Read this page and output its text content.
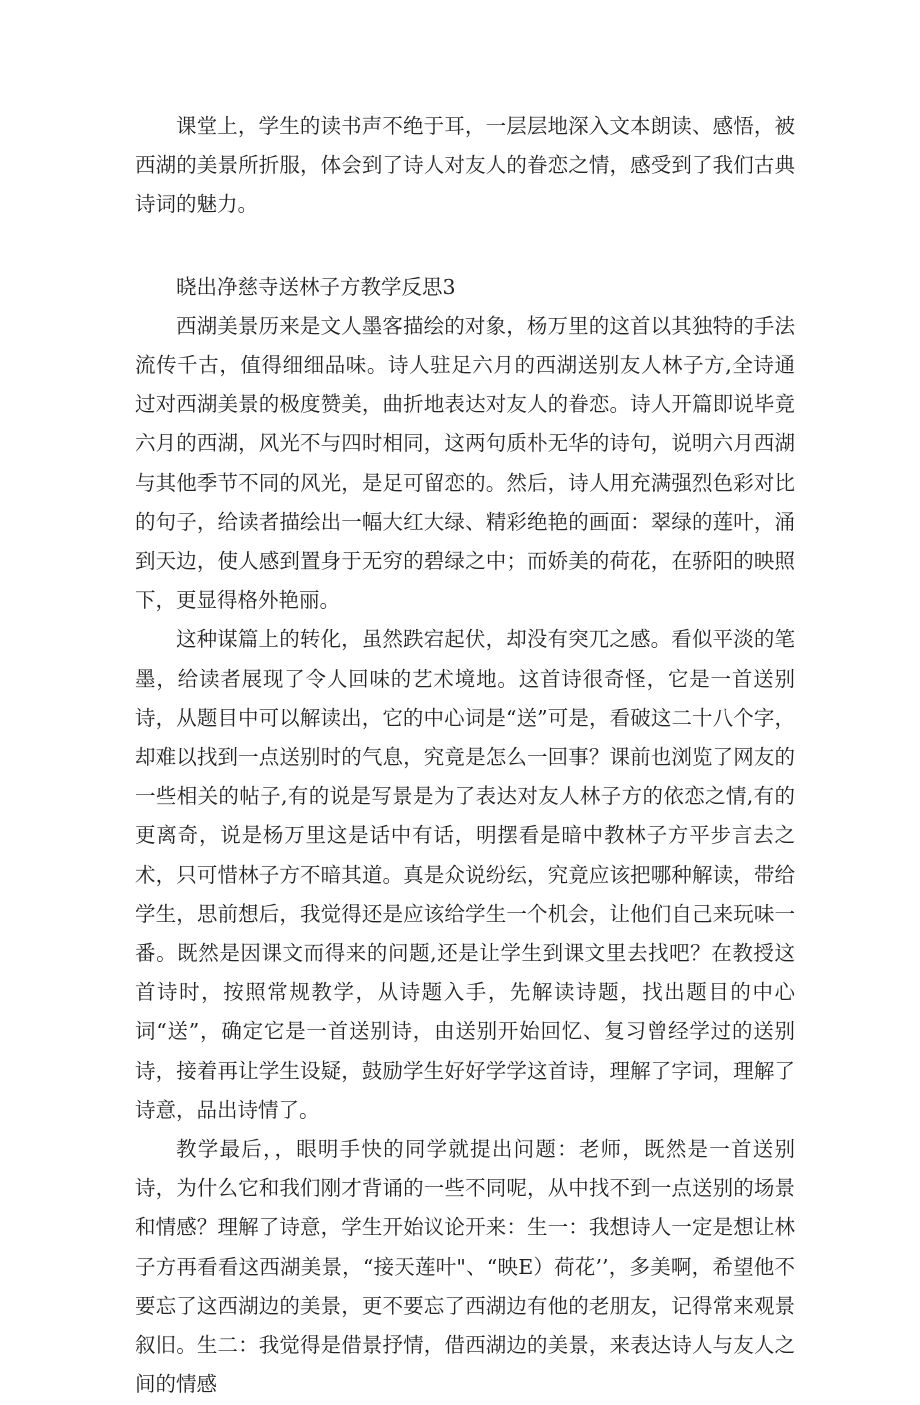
课堂上，学生的读书声不绝于耳，一层层地深入文本朗读、感悟，被西湖的美景所折服，体会到了诗人对友人的眷恋之情，感受到了我们古典诗词的魅力。

晓出净慈寺送林子方教学反思3

西湖美景历来是文人墨客描绘的对象，杨万里的这首以其独特的手法流传千古，值得细细品味。诗人驻足六月的西湖送别友人林子方,全诗通过对西湖美景的极度赞美，曲折地表达对友人的眷恋。诗人开篇即说毕竟六月的西湖，风光不与四时相同，这两句质朴无华的诗句，说明六月西湖与其他季节不同的风光，是足可留恋的。然后，诗人用充满强烈色彩对比的句子，给读者描绘出一幅大红大绿、精彩绝艳的画面：翠绿的莲叶，涌到天边，使人感到置身于无穷的碧绿之中；而娇美的荷花，在骄阳的映照下，更显得格外艳丽。

这种谋篇上的转化，虽然跌宕起伏，却没有突兀之感。看似平淡的笔墨，给读者展现了令人回味的艺术境地。这首诗很奇怪，它是一首送别诗，从题目中可以解读出，它的中心词是“送”可是，看破这二十八个字，却难以找到一点送别时的气息，究竟是怎么一回事？课前也浏览了网友的一些相关的帖子,有的说是写景是为了表达对友人林子方的依恋之情,有的更离奇，说是杨万里这是话中有话，明摆看是暗中教林子方平步言去之术，只可惜林子方不暗其道。真是众说纷纭，究竟应该把哪种解读，带给学生，思前想后，我觉得还是应该给学生一个机会，让他们自己来玩味一番。既然是因课文而得来的问题,还是让学生到课文里去找吧？在教授这首诗时，按照常规教学，从诗题入手，先解读诗题，找出题目的中心词“送”，确定它是一首送别诗，由送别开始回忆、复习曾经学过的送别诗，接着再让学生设疑，鼓励学生好好学学这首诗，理解了字词，理解了诗意，品出诗情了。

教学最后，，眼明手快的同学就提出问题：老师，既然是一首送别诗，为什么它和我们刚才背诵的一些不同呢，从中找不到一点送别的场景和情感？理解了诗意，学生开始议论开来：生一：我想诗人一定是想让林子方再看看这西湖美景，“接天莲叶"、“映E）荷花’’，多美啊，希望他不要忘了这西湖边的美景，更不要忘了西湖边有他的老朋友，记得常来观景叙旧。生二：我觉得是借景抒情，借西湖边的美景，来表达诗人与友人之间的情感
